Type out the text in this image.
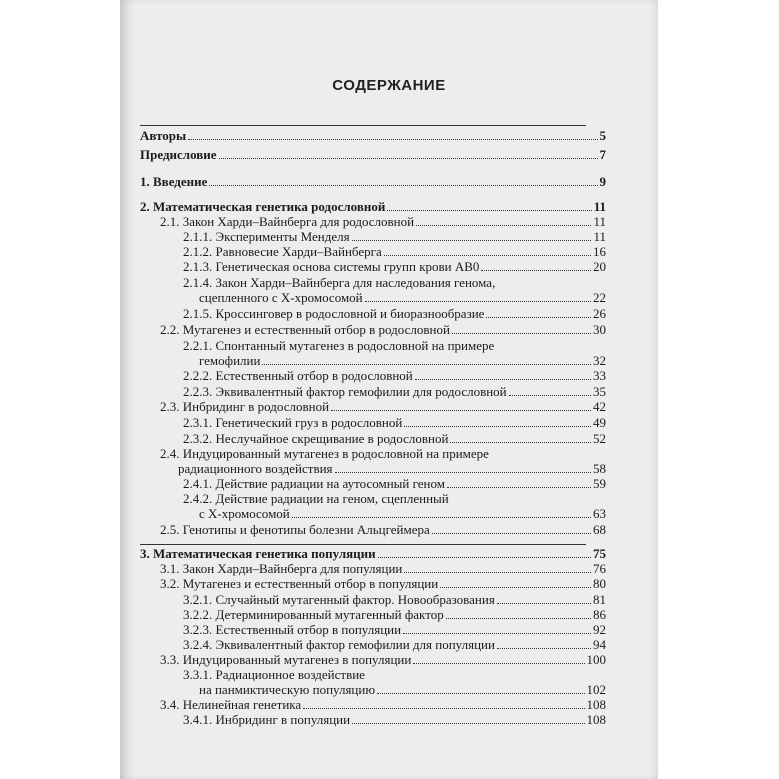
СОДЕРЖАНИЕ
Авторы	5
Предисловие	7
1. Введение	9
2. Математическая генетика родословной	11
2.1. Закон Харди–Вайнберга для родословной	11
2.1.1. Эксперименты Менделя	11
2.1.2. Равновесие Харди–Вайнберга	16
2.1.3. Генетическая основа системы групп крови АВ0	20
2.1.4. Закон Харди–Вайнберга для наследования генома,
сцепленного с X-хромосомой	22
2.1.5. Кроссинговер в родословной и биоразнообразие	26
2.2. Мутагенез и естественный отбор в родословной	30
2.2.1. Спонтанный мутагенез в родословной на примере
гемофилии	32
2.2.2. Естественный отбор в родословной	33
2.2.3. Эквивалентный фактор гемофилии для родословной	35
2.3. Инбридинг в родословной	42
2.3.1. Генетический груз в родословной	49
2.3.2. Неслучайное скрещивание в родословной	52
2.4. Индуцированный мутагенез в родословной на примере
радиационного воздействия	58
2.4.1. Действие радиации на аутосомный геном	59
2.4.2. Действие радиации на геном, сцепленный
с X-хромосомой	63
2.5. Генотипы и фенотипы болезни Альцгеймера	68
3. Математическая генетика популяции	75
3.1. Закон Харди–Вайнберга для популяции	76
3.2. Мутагенез и естественный отбор в популяции	80
3.2.1. Случайный мутагенный фактор. Новообразования	81
3.2.2. Детерминированный мутагенный фактор	86
3.2.3. Естественный отбор в популяции	92
3.2.4. Эквивалентный фактор гемофилии для популяции	94
3.3. Индуцированный мутагенез в популяции	100
3.3.1. Радиационное воздействие
на панмиктическую популяцию	102
3.4. Нелинейная генетика	108
3.4.1. Инбридинг в популяции	108
